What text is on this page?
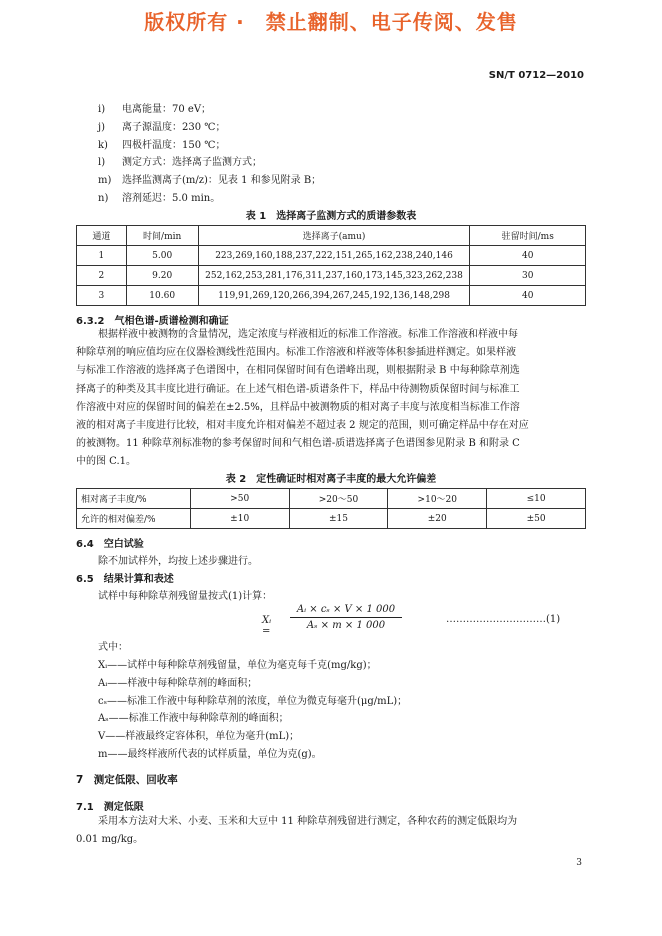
版权所有 ·　禁止翻制、电子传阅、发售
SN/T 0712—2010
i) 电离能量：70 eV；
j) 离子源温度：230 ℃；
k) 四极杆温度：150 ℃；
l) 测定方式：选择离子监测方式；
m) 选择监测离子(m/z)：见表 1 和参见附录 B；
n) 溶剂延迟：5.0 min。
表 1　选择离子监测方式的质谱参数表
通道	时间/min	选择离子(amu)	驻留时间/ms
1	5.00	223,269,160,188,237,222,151,265,162,238,240,146	40
2	9.20	252,162,253,281,176,311,237,160,173,145,323,262,238	30
3	10.60	119,91,269,120,266,394,267,245,192,136,148,298	40
6.3.2　气相色谱-质谱检测和确证
根据样液中被测物的含量情况，选定浓度与样液相近的标准工作溶液。标准工作溶液和样液中每
种除草剂的响应值均应在仪器检测线性范围内。标准工作溶液和样液等体积参插进样测定。如果样液
与标准工作溶液的选择离子色谱图中，在相同保留时间有色谱峰出现，则根据附录 B 中每种除草剂选
择离子的种类及其丰度比进行确证。在上述气相色谱-质谱条件下，样品中待测物质保留时间与标准工
作溶液中对应的保留时间的偏差在±2.5%，且样品中被测物质的相对离子丰度与浓度相当标准工作溶
液的相对离子丰度进行比较，相对丰度允许相对偏差不超过表 2 规定的范围，则可确定样品中存在对应
的被测物。11 种除草剂标准物的参考保留时间和气相色谱-质谱选择离子色谱图参见附录 B 和附录 C
中的图 C.1。
表 2　定性确证时相对离子丰度的最大允许偏差
相对离子丰度/%	>50	>20～50	>10～20	≤10
允许的相对偏差/%	±10	±15	±20	±50
6.4　空白试验
除不加试样外，均按上述步骤进行。
6.5　结果计算和表述
试样中每种除草剂残留量按式(1)计算：
Xᵢ =
$\frac{\text{Aᵢ × cₛ × V × 1 000}}{\text{Aₛ × m × 1 000}}$	…………………………(1)
式中：
Xᵢ——试样中每种除草剂残留量，单位为毫克每千克(mg/kg)；
Aᵢ——样液中每种除草剂的峰面积；
cₛ——标准工作液中每种除草剂的浓度，单位为微克每毫升(μg/mL)；
Aₛ——标准工作液中每种除草剂的峰面积；
V——样液最终定容体积，单位为毫升(mL)；
m——最终样液所代表的试样质量，单位为克(g)。
7　测定低限、回收率
7.1　测定低限
采用本方法对大米、小麦、玉米和大豆中 11 种除草剂残留进行测定，各种农药的测定低限均为
0.01 mg/kg。
3
